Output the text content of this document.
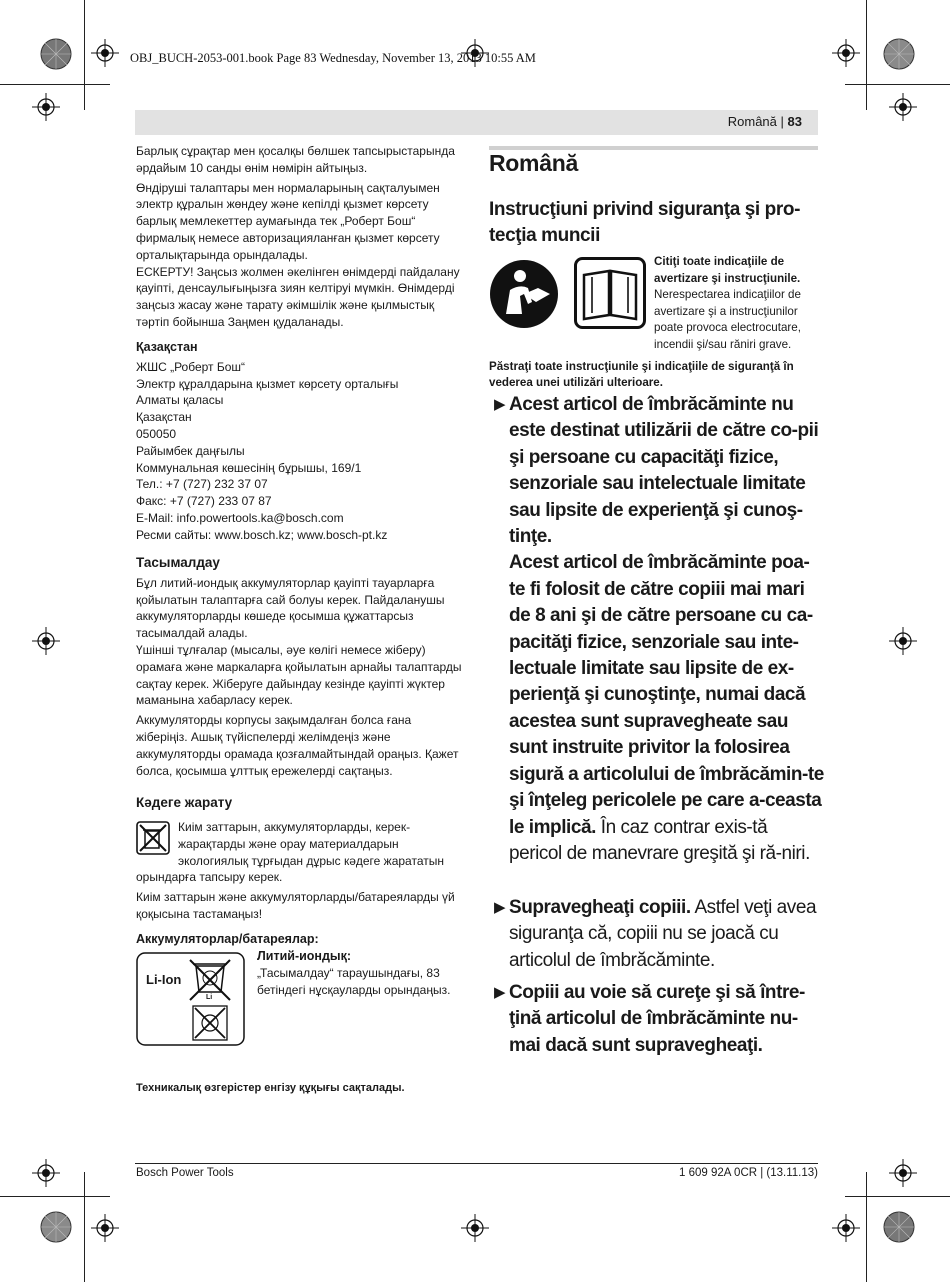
OBJ_BUCH-2053-001.book Page 83 Wednesday, November 13, 2013 10:55 AM
Română | 83

Барлық сұрақтар мен қосалқы бөлшек тапсырыстарында әрдайым 10 санды өнім нөмірін айтыңыз.

Өндіруші талаптары мен нормаларының сақталуымен электр құралын жөндеу және кепілді қызмет көрсету барлық мемлекеттер аумағында тек „Роберт Бош“ фирмалық немесе авторизацияланған қызмет көрсету орталықтарында орындалады.

ЕСКЕРТУ! Заңсыз жолмен әкелінген өнімдерді пайдалану қауіпті, денсаулығыңызға зиян келтіруі мүмкін. Өнімдерді заңсыз жасау және тарату әкімшілік және қылмыстық тәртіп бойынша Заңмен қудаланады.

Қазақстан

ЖШС „Роберт Бош“

Электр құралдарына қызмет көрсету орталығы

Алматы қаласы

Қазақстан

050050

Райымбек даңғылы

Коммунальная көшесінің бұрышы, 169/1

Тел.: +7 (727) 232 37 07

Факс: +7 (727) 233 07 87

E-Mail: info.powertools.ka@bosch.com

Ресми сайты: www.bosch.kz; www.bosch-pt.kz

Тасымалдау

Бұл литий-иондық аккумуляторлар қауіпті тауарларға қойылатын талаптарға сай болуы керек. Пайдаланушы аккумуляторларды көшеде қосымша құжаттарсыз тасымалдай алады.

Үшінші тұлғалар (мысалы, әуе көлігі немесе жіберу) орамаға және маркаларға қойылатын арнайы талаптарды сақтау керек. Жіберуге дайындау кезінде қауіпті жүктер маманына хабарласу керек.

Аккумуляторды корпусы зақымдалған болса ғана жіберіңіз. Ашық түйіспелерді желімдеңіз және аккумуляторды орамада қозғалмайтындай ораңыз. Қажет болса, қосымша ұлттық ережелерді сақтаңыз.

Кәдеге жарату

Киім заттарын, аккумуляторларды, керек-

жарақтарды және орау материалдарын

экологиялық тұрғыдан дұрыс кәдеге жарататын

орындарға тапсыру керек.

Киім заттарын және аккумуляторларды/батареяларды үй қоқысына тастамаңыз!

Аккумуляторлар/батареялар:

Li-Ion
Li

Литий-иондық:

„Тасымалдау“ тараушындағы, 83 бетіндегі нұсқауларды орындаңыз.

Техникалық өзгерістер енгізу құқығы сақталады.
Română
Instrucţiuni privind siguranţa şi pro-tecţia muncii
Citiţi toate indicaţiile de avertizare şi instrucţiunile. Nerespectarea indicaţiilor de avertizare şi a instrucţiunilor poate provoca electrocutare, incendii şi/sau răniri grave.
Păstraţi toate instrucţiunile şi indicaţiile de siguranţă în vederea unei utilizări ulterioare.
▶ Acest articol de îmbrăcăminte nu este destinat utilizării de către co-pii şi persoane cu capacităţi fizice, senzoriale sau intelectuale limitate sau lipsite de experienţă şi cunoş-tinţe.
Acest articol de îmbrăcăminte poa-te fi folosit de către copiii mai mari de 8 ani şi de către persoane cu ca-pacităţi fizice, senzoriale sau inte-lectuale limitate sau lipsite de ex-perienţă şi cunoştinţe, numai dacă acestea sunt supravegheate sau sunt instruite privitor la folosirea sigură a articolului de îmbrăcămin-te şi înţeleg pericolele pe care a-ceasta le implică. În caz contrar exis-tă pericol de manevrare greşită şi ră-niri.
▶ Supravegheaţi copiii. Astfel veţi avea siguranţa că, copiii nu se joacă cu articolul de îmbrăcăminte.
▶ Copiii au voie să cureţe şi să între-ţină articolul de îmbrăcăminte nu-mai dacă sunt supravegheaţi.
Bosch Power Tools	1 609 92A 0CR | (13.11.13)
